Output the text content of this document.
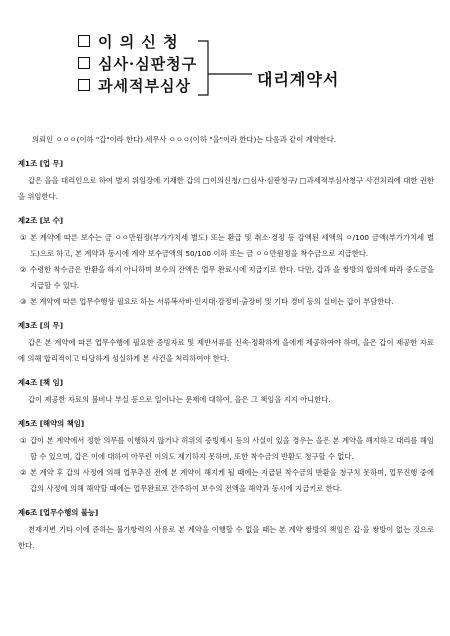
이 의 신 청
심사·심판청구
과세적부심상	대리계약서
의뢰인 ㅇㅇㅇ(이하 "갑"이라 한다) 세무사 ㅇㅇㅇ(이하 "을"이라 한다)는 다음과 같이 계약한다.
제1조 [업 무]

갑은 을을 대리인으로 하여 별지 위임장에 기재한 갑의 □이의신청/ □심사·심판청구/ □과세적부심사청구 사건처리에 대한 권한을 위임한다.

제2조 [보 수]
① 본 계약에 따른 보수는 금 ㅇㅇ만원정(부가가치세 별도) 또는 환급 및 취소·경정 등 감액된 세액의 ㅇ/100 금액(부가가치세 별도)으로 하고, 본 계약과 동시에 계약 보수금액의 50/100 이하 또는 금 ㅇㅇ만원정을 착수금으로 지급한다.
② 수령한 착수금은 반환을 하지 아니하며 보수의 잔액은 업무 완료시에 지급키로 한다. 다만, 갑과 을 쌍방의 합의에 따라 중도금을 지급할 수 있다.
③ 본 계약에 따른 업무수행상 필요로 하는 서류복사비·인지대·감정비·출장비 및 기타 경비 등의 실비는 갑이 부담한다.
제3조 [의 무]

갑은 본 계약에 따른 업무수행에 필요한 증빙자료 및 제반서류를 신속·정확하게 을에게 제공하여야 하며, 을은 갑이 제공한 자료에 의해 합리적이고 타당하게 성실하게 본 사건을 처리하여야 한다.

제4조 [책 임]

갑이 제공한 자료의 불비나 부실 등으로 일어나는 문제에 대하여, 을은 그 책임을 지지 아니한다.

제5조 [해약의 책임]
① 갑이 본 계약에서 정한 의무를 이행하지 않거나 허위의 증빙제시 등의 사실이 있을 경우는 을은 본 계약을 해지하고 대리를 해임할 수 있으며, 갑은 이에 대하여 아무런 이의도 제기하지 못하며, 또한 착수금의 반환도 청구할 수 없다.
② 본 계약 후 갑의 사정에 의해 업무추진 전에 본 계약이 해지케 될 때에는 지급된 착수금의 반환을 청구치 못하며, 업무진행 중에 갑의 사정에 의해 해약할 때에는 업무완료로 간주하여 보수의 전액을 해약과 동시에 지급키로 한다.
제6조 [업무수행의 불능]

천재지변 기타 이에 준하는 불가항력의 사유로 본 계약을 이행할 수 없을 때는 본 계약 쌍방의 책임은 갑·을 쌍방이 없는 것으로 한다.
